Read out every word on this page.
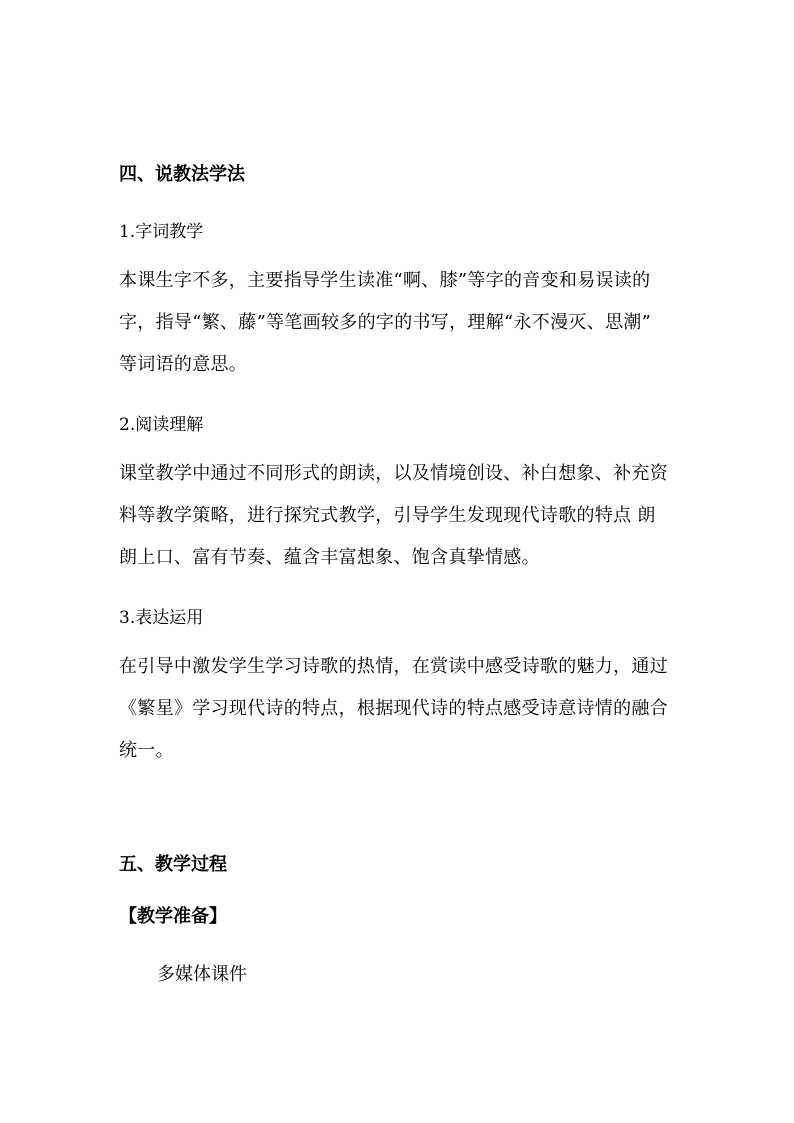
四、说教法学法
1.字词教学
本课生字不多，主要指导学生读准“啊、膝”等字的音变和易误读的
字，指导“繁、藤”等笔画较多的字的书写，理解“永不漫灭、思潮”
等词语的意思。
2.阅读理解
课堂教学中通过不同形式的朗读，以及情境创设、补白想象、补充资
料等教学策略，进行探究式教学，引导学生发现现代诗歌的特点 朗
朗上口、富有节奏、蕴含丰富想象、饱含真挚情感。
3.表达运用
在引导中激发学生学习诗歌的热情，在赏读中感受诗歌的魅力，通过
《繁星》学习现代诗的特点，根据现代诗的特点感受诗意诗情的融合
统一。
五、教学过程
【教学准备】
多媒体课件
